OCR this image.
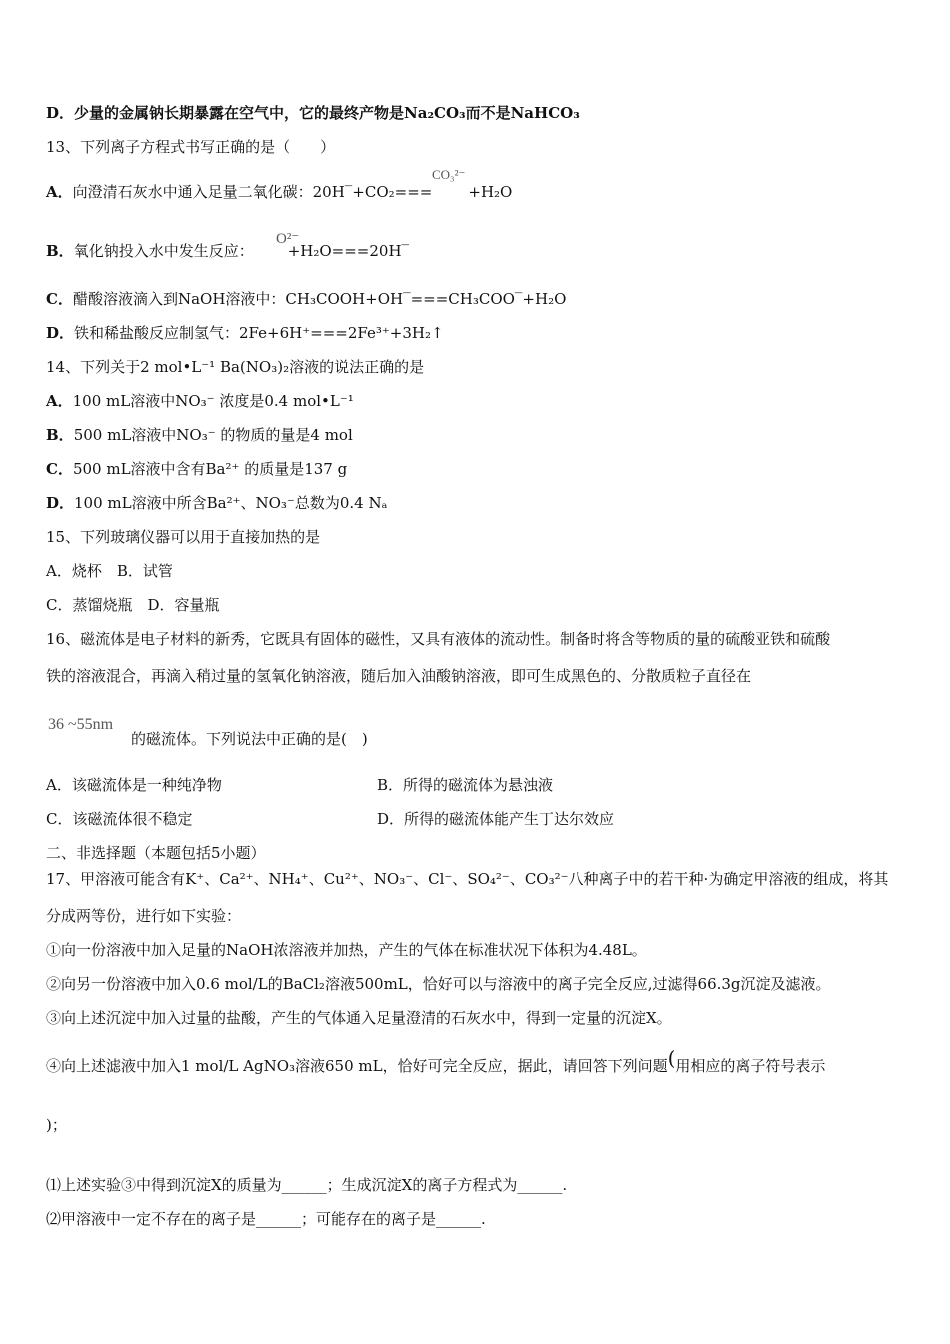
D．少量的金属钠长期暴露在空气中，它的最终产物是Na₂CO₃而不是NaHCO₃
13、下列离子方程式书写正确的是（　　）
A．向澄清石灰水中通入足量二氧化碳：20H‾+CO₂=== +H₂O
CO₃²⁻
B．氧化钠投入水中发生反应： +H₂O===20H‾
O²⁻
C．醋酸溶液滴入到NaOH溶液中：CH₃COOH+OH‾===CH₃COO‾+H₂O
D．铁和稀盐酸反应制氢气：2Fe+6H⁺===2Fe³⁺+3H₂↑
14、下列关于2 mol•L⁻¹ Ba(NO₃)₂溶液的说法正确的是
A．100 mL溶液中NO₃⁻ 浓度是0.4 mol•L⁻¹
B．500 mL溶液中NO₃⁻ 的物质的量是4 mol
C．500 mL溶液中含有Ba²⁺ 的质量是137 g
D．100 mL溶液中所含Ba²⁺、NO₃⁻总数为0.4 Nₐ
15、下列玻璃仪器可以用于直接加热的是
A．烧杯　B．试管
C．蒸馏烧瓶　D．容量瓶
16、磁流体是电子材料的新秀，它既具有固体的磁性，又具有液体的流动性。制备时将含等物质的量的硫酸亚铁和硫酸
铁的溶液混合，再滴入稍过量的氢氧化钠溶液，随后加入油酸钠溶液，即可生成黑色的、分散质粒子直径在
36 ~55nm
的磁流体。下列说法中正确的是(　)
A．该磁流体是一种纯净物	B．所得的磁流体为悬浊液
C．该磁流体很不稳定	D．所得的磁流体能产生丁达尔效应
二、非选择题（本题包括5小题）
17、甲溶液可能含有K⁺、Ca²⁺、NH₄⁺、Cu²⁺、NO₃⁻、Cl⁻、SO₄²⁻、CO₃²⁻八种离子中的若干种·为确定甲溶液的组成，将其
分成两等份，进行如下实验：
①向一份溶液中加入足量的NaOH浓溶液并加热，产生的气体在标准状况下体积为4.48L。
②向另一份溶液中加入0.6 mol/L的BaCl₂溶液500mL，恰好可以与溶液中的离子完全反应,过滤得66.3g沉淀及滤液。
③向上述沉淀中加入过量的盐酸，产生的气体通入足量澄清的石灰水中，得到一定量的沉淀X。
④向上述滤液中加入1 mol/L AgNO₃溶液650 mL，恰好可完全反应，据此，请回答下列问题(用相应的离子符号表示
)；
⑴上述实验③中得到沉淀X的质量为______；生成沉淀X的离子方程式为______.
⑵甲溶液中一定不存在的离子是______；可能存在的离子是______.
